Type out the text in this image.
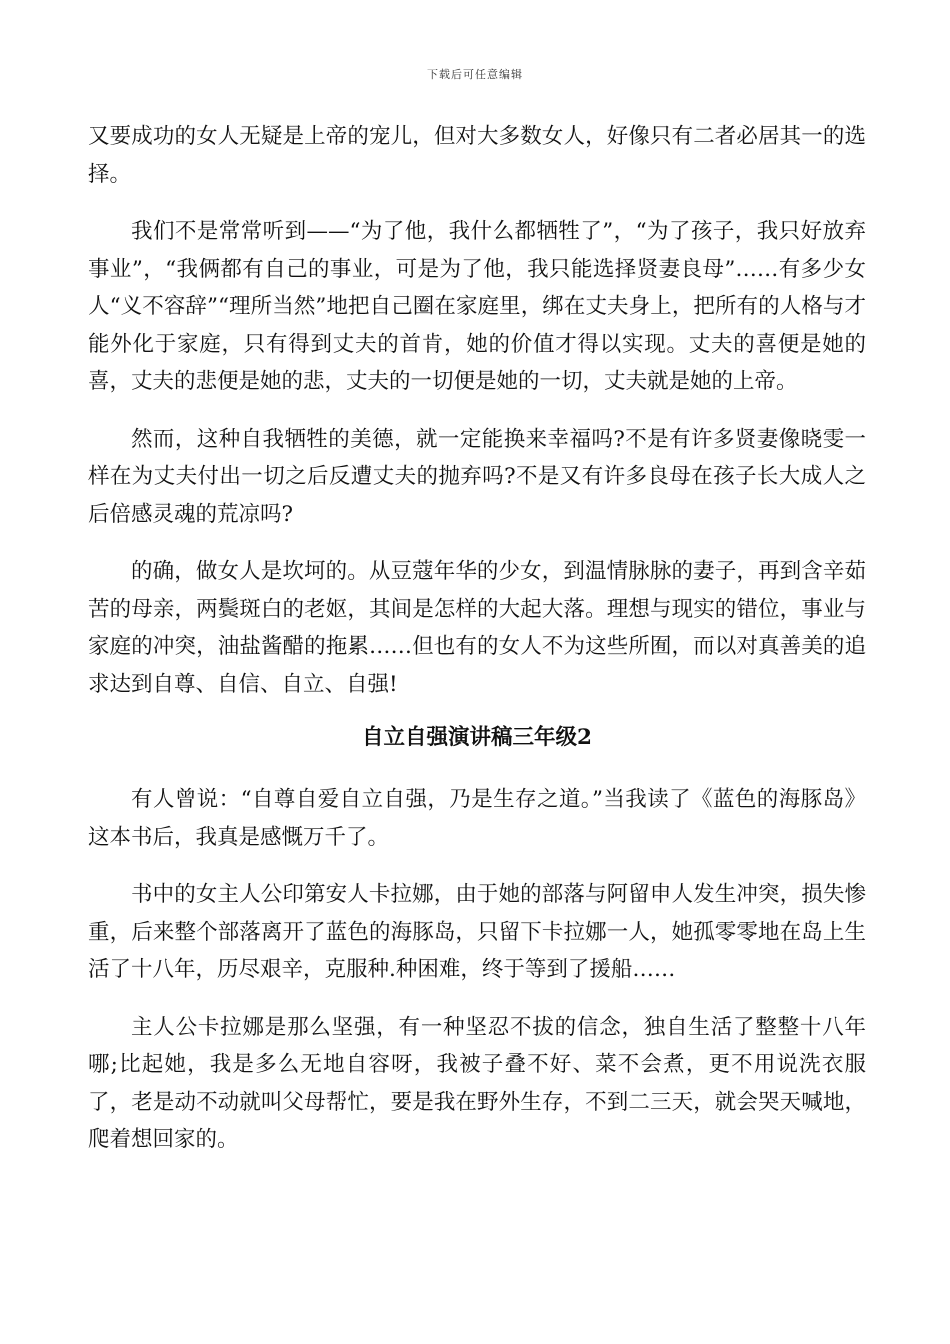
下载后可任意编辑

又要成功的女人无疑是上帝的宠儿，但对大多数女人，好像只有二者必居其一的选择。

我们不是常常听到——“为了他，我什么都牺牲了”，“为了孩子，我只好放弃事业”，“我俩都有自己的事业，可是为了他，我只能选择贤妻良母”……有多少女人“义不容辞”“理所当然”地把自己圈在家庭里，绑在丈夫身上，把所有的人格与才能外化于家庭，只有得到丈夫的首肯，她的价值才得以实现。丈夫的喜便是她的喜，丈夫的悲便是她的悲，丈夫的一切便是她的一切，丈夫就是她的上帝。

然而，这种自我牺牲的美德，就一定能换来幸福吗?不是有许多贤妻像晓雯一样在为丈夫付出一切之后反遭丈夫的抛弃吗?不是又有许多良母在孩子长大成人之后倍感灵魂的荒凉吗?

的确，做女人是坎坷的。从豆蔻年华的少女，到温情脉脉的妻子，再到含辛茹苦的母亲，两鬓斑白的老妪，其间是怎样的大起大落。理想与现实的错位，事业与家庭的冲突，油盐酱醋的拖累……但也有的女人不为这些所囿，而以对真善美的追求达到自尊、自信、自立、自强!

自立自强演讲稿三年级2

有人曾说：“自尊自爱自立自强，乃是生存之道。”当我读了《蓝色的海豚岛》这本书后，我真是感慨万千了。

书中的女主人公印第安人卡拉娜，由于她的部落与阿留申人发生冲突，损失惨重，后来整个部落离开了蓝色的海豚岛，只留下卡拉娜一人，她孤零零地在岛上生活了十八年，历尽艰辛，克服种.种困难，终于等到了援船……

主人公卡拉娜是那么坚强，有一种坚忍不拔的信念，独自生活了整整十八年哪;比起她，我是多么无地自容呀，我被子叠不好、菜不会煮，更不用说洗衣服了，老是动不动就叫父母帮忙，要是我在野外生存，不到二三天，就会哭天喊地，爬着想回家的。
